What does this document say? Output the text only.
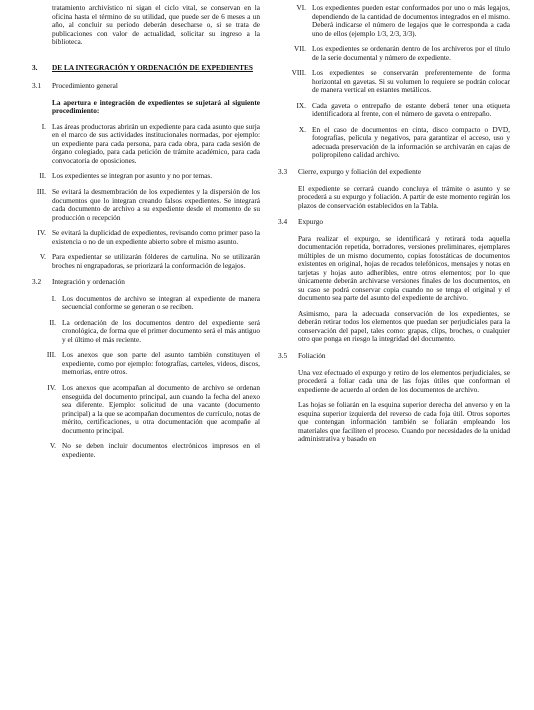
tratamiento archivístico ni sigan el ciclo vital, se conservan en la oficina hasta el término de su utilidad, que puede ser de 6 meses a un año, al concluir su período deberán desecharse o, si se trata de publicaciones con valor de actualidad, solicitar su ingreso a la biblioteca.

3. DE LA INTEGRACIÓN Y ORDENACIÓN DE EXPEDIENTES
3.1	Procedimiento general

La apertura e integración de expedientes se sujetará al siguiente procedimiento:

I. Las áreas productoras abrirán un expediente para cada asunto que surja en el marco de sus actividades institucionales normadas, por ejemplo: un expediente para cada persona, para cada obra, para cada sesión de órgano colegiado, para cada petición de trámite académico, para cada convocatoria de oposiciones.
II. Los expedientes se integran por asunto y no por temas.
III. Se evitará la desmembración de los expedientes y la dispersión de los documentos que lo integran creando falsos expedientes. Se integrará cada documento de archivo a su expediente desde el momento de su producción o recepción
IV. Se evitará la duplicidad de expedientes, revisando como primer paso la existencia o no de un expediente abierto sobre el mismo asunto.
V. Para expedientar se utilizarán fólderes de cartulina. No se utilizarán broches ni engrapadoras, se priorizará la conformación de legajos.
3.2	Integración y ordenación
I. Los documentos de archivo se integran al expediente de manera secuencial conforme se generan o se reciben.
II. La ordenación de los documentos dentro del expediente será cronológica, de forma que el primer documento será el más antiguo y el último el más reciente.
III. Los anexos que son parte del asunto también constituyen el expediente, como por ejemplo: fotografías, carteles, videos, discos, memorias, entre otros.
IV. Los anexos que acompañan al documento de archivo se ordenan enseguida del documento principal, aun cuando la fecha del anexo sea diferente. Ejemplo: solicitud de una vacante (documento principal) a la que se acompañan documentos de currículo, notas de mérito, certificaciones, u otra documentación que acompañe al documento principal.
V. No se deben incluir documentos electrónicos impresos en el expediente.
VI. Los expedientes pueden estar conformados por uno o más legajos, dependiendo de la cantidad de documentos integrados en el mismo. Deberá indicarse el número de legajos que le corresponda a cada uno de ellos (ejemplo 1/3, 2/3, 3/3).
VII. Los expedientes se ordenarán dentro de los archiveros por el título de la serie documental y número de expediente.
VIII. Los expedientes se conservarán preferentemente de forma horizontal en gavetas. Si su volumen lo requiere se podrán colocar de manera vertical en estantes metálicos.
IX. Cada gaveta o entrepaño de estante deberá tener una etiqueta identificadora al frente, con el número de gaveta o entrepaño.
X. En el caso de documentos en cinta, disco compacto o DVD, fotografías, película y negativos, para garantizar el acceso, uso y adecuada preservación de la información se archivarán en cajas de polipropileno calidad archivo.
3.3	Cierre, expurgo y foliación del expediente

El expediente se cerrará cuando concluya el trámite o asunto y se procederá a su expurgo y foliación. A partir de este momento regirán los plazos de conservación establecidos en la Tabla.

3.4	Expurgo

Para realizar el expurgo, se identificará y retirará toda aquella documentación repetida, borradores, versiones preliminares, ejemplares múltiples de un mismo documento, copias fotostáticas de documentos existentes en original, hojas de recados telefónicos, mensajes y notas en tarjetas y hojas auto adheribles, entre otros elementos; por lo que únicamente deberán archivarse versiones finales de los documentos, en su caso se podrá conservar copia cuando no se tenga el original y el documento sea parte del asunto del expediente de archivo.

Asimismo, para la adecuada conservación de los expedientes, se deberán retirar todos los elementos que puedan ser perjudiciales para la conservación del papel, tales como: grapas, clips, broches, o cualquier otro que ponga en riesgo la integridad del documento.

3.5	Foliación

Una vez efectuado el expurgo y retiro de los elementos perjudiciales, se procederá a foliar cada una de las fojas útiles que conforman el expediente de acuerdo al orden de los documentos de archivo.

Las hojas se foliarán en la esquina superior derecha del anverso y en la esquina superior izquierda del reverso de cada foja útil. Otros soportes que contengan información también se foliarán empleando los materiales que faciliten el proceso. Cuando por necesidades de la unidad administrativa y basado en
